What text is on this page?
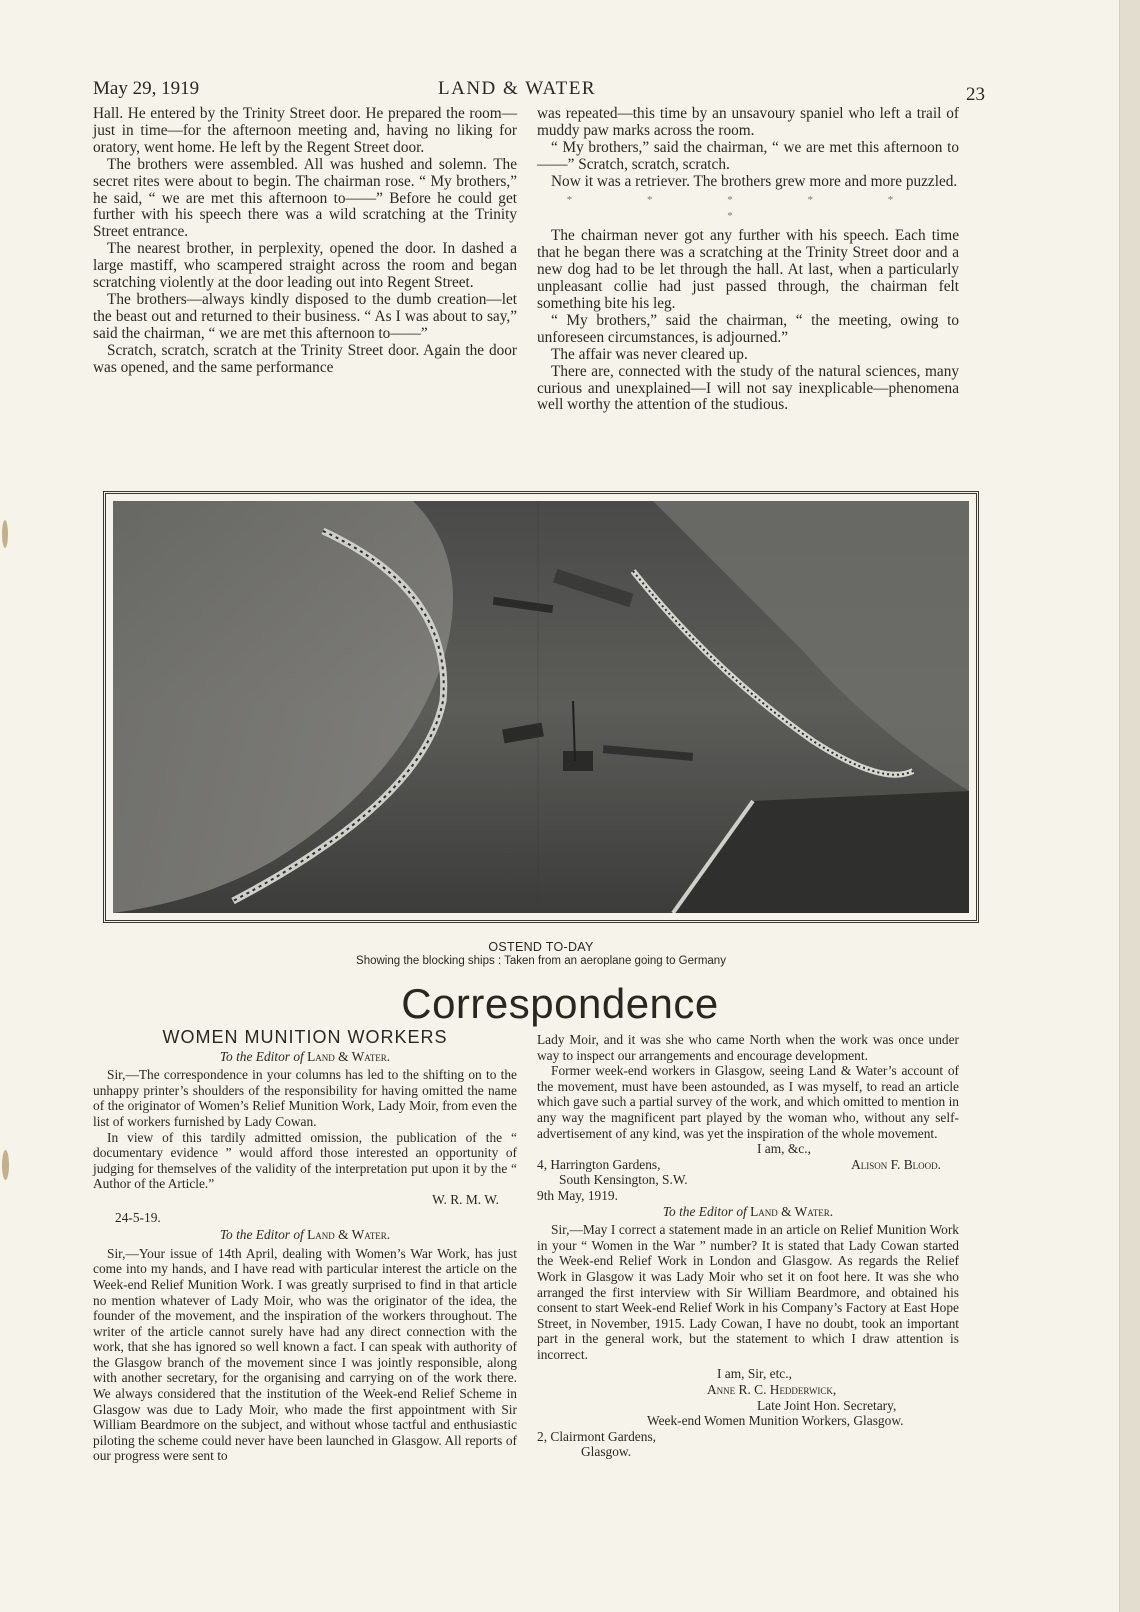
May 29, 1919	LAND & WATER	23

Hall. He entered by the Trinity Street door. He prepared the room—just in time—for the afternoon meeting and, having no liking for oratory, went home. He left by the Regent Street door.

The brothers were assembled. All was hushed and solemn. The secret rites were about to begin. The chairman rose. “ My brothers,” he said, “ we are met this afternoon to——” Before he could get further with his speech there was a wild scratching at the Trinity Street entrance.

The nearest brother, in perplexity, opened the door. In dashed a large mastiff, who scampered straight across the room and began scratching violently at the door leading out into Regent Street.

The brothers—always kindly disposed to the dumb creation—let the beast out and returned to their business. “ As I was about to say,” said the chairman, “ we are met this afternoon to——”

Scratch, scratch, scratch at the Trinity Street door. Again the door was opened, and the same performance

was repeated—this time by an unsavoury spaniel who left a trail of muddy paw marks across the room.

“ My brothers,” said the chairman, “ we are met this afternoon to——” Scratch, scratch, scratch.

Now it was a retriever. The brothers grew more and more puzzled.

* * * * * *

The chairman never got any further with his speech. Each time that he began there was a scratching at the Trinity Street door and a new dog had to be let through the hall. At last, when a particularly unpleasant collie had just passed through, the chairman felt something bite his leg.

“ My brothers,” said the chairman, “ the meeting, owing to unforeseen circumstances, is adjourned.”

The affair was never cleared up.

There are, connected with the study of the natural sciences, many curious and unexplained—I will not say inexplicable—phenomena well worthy the attention of the studious.

OSTEND TO-DAY
Showing the blocking ships : Taken from an aeroplane going to Germany
Correspondence
WOMEN MUNITION WORKERS
To the Editor of Land & Water.

Sir,—The correspondence in your columns has led to the shifting on to the unhappy printer’s shoulders of the responsibility for having omitted the name of the originator of Women’s Relief Munition Work, Lady Moir, from even the list of workers furnished by Lady Cowan.

In view of this tardily admitted omission, the publication of the “ documentary evidence ” would afford those interested an opportunity of judging for themselves of the validity of the interpretation put upon it by the “ Author of the Article.”

W. R. M. W.
24-5-19.
To the Editor of Land & Water.

Sir,—Your issue of 14th April, dealing with Women’s War Work, has just come into my hands, and I have read with particular interest the article on the Week-end Relief Munition Work. I was greatly surprised to find in that article no mention whatever of Lady Moir, who was the originator of the idea, the founder of the movement, and the inspiration of the workers throughout. The writer of the article cannot surely have had any direct connection with the work, that she has ignored so well known a fact. I can speak with authority of the Glasgow branch of the movement since I was jointly responsible, along with another secretary, for the organising and carrying on of the work there. We always considered that the institution of the Week-end Relief Scheme in Glasgow was due to Lady Moir, who made the first appointment with Sir William Beardmore on the subject, and without whose tactful and enthusiastic piloting the scheme could never have been launched in Glasgow. All reports of our progress were sent to

Lady Moir, and it was she who came North when the work was once under way to inspect our arrangements and encourage development.

Former week-end workers in Glasgow, seeing Land & Water’s account of the movement, must have been astounded, as I was myself, to read an article which gave such a partial survey of the work, and which omitted to mention in any way the magnificent part played by the woman who, without any self-advertisement of any kind, was yet the inspiration of the whole movement.

I am, &c.,
4, Harrington Gardens,	Alison F. Blood.
South Kensington, S.W.
9th May, 1919.
To the Editor of Land & Water.

Sir,—May I correct a statement made in an article on Relief Munition Work in your “ Women in the War ” number? It is stated that Lady Cowan started the Week-end Relief Work in London and Glasgow. As regards the Relief Work in Glasgow it was Lady Moir who set it on foot here. It was she who arranged the first interview with Sir William Beardmore, and obtained his consent to start Week-end Relief Work in his Company’s Factory at East Hope Street, in November, 1915. Lady Cowan, I have no doubt, took an important part in the general work, but the statement to which I draw attention is incorrect.

I am, Sir, etc.,
Anne R. C. Hedderwick,
Late Joint Hon. Secretary,
Week-end Women Munition Workers, Glasgow.
2, Clairmont Gardens,
Glasgow.
